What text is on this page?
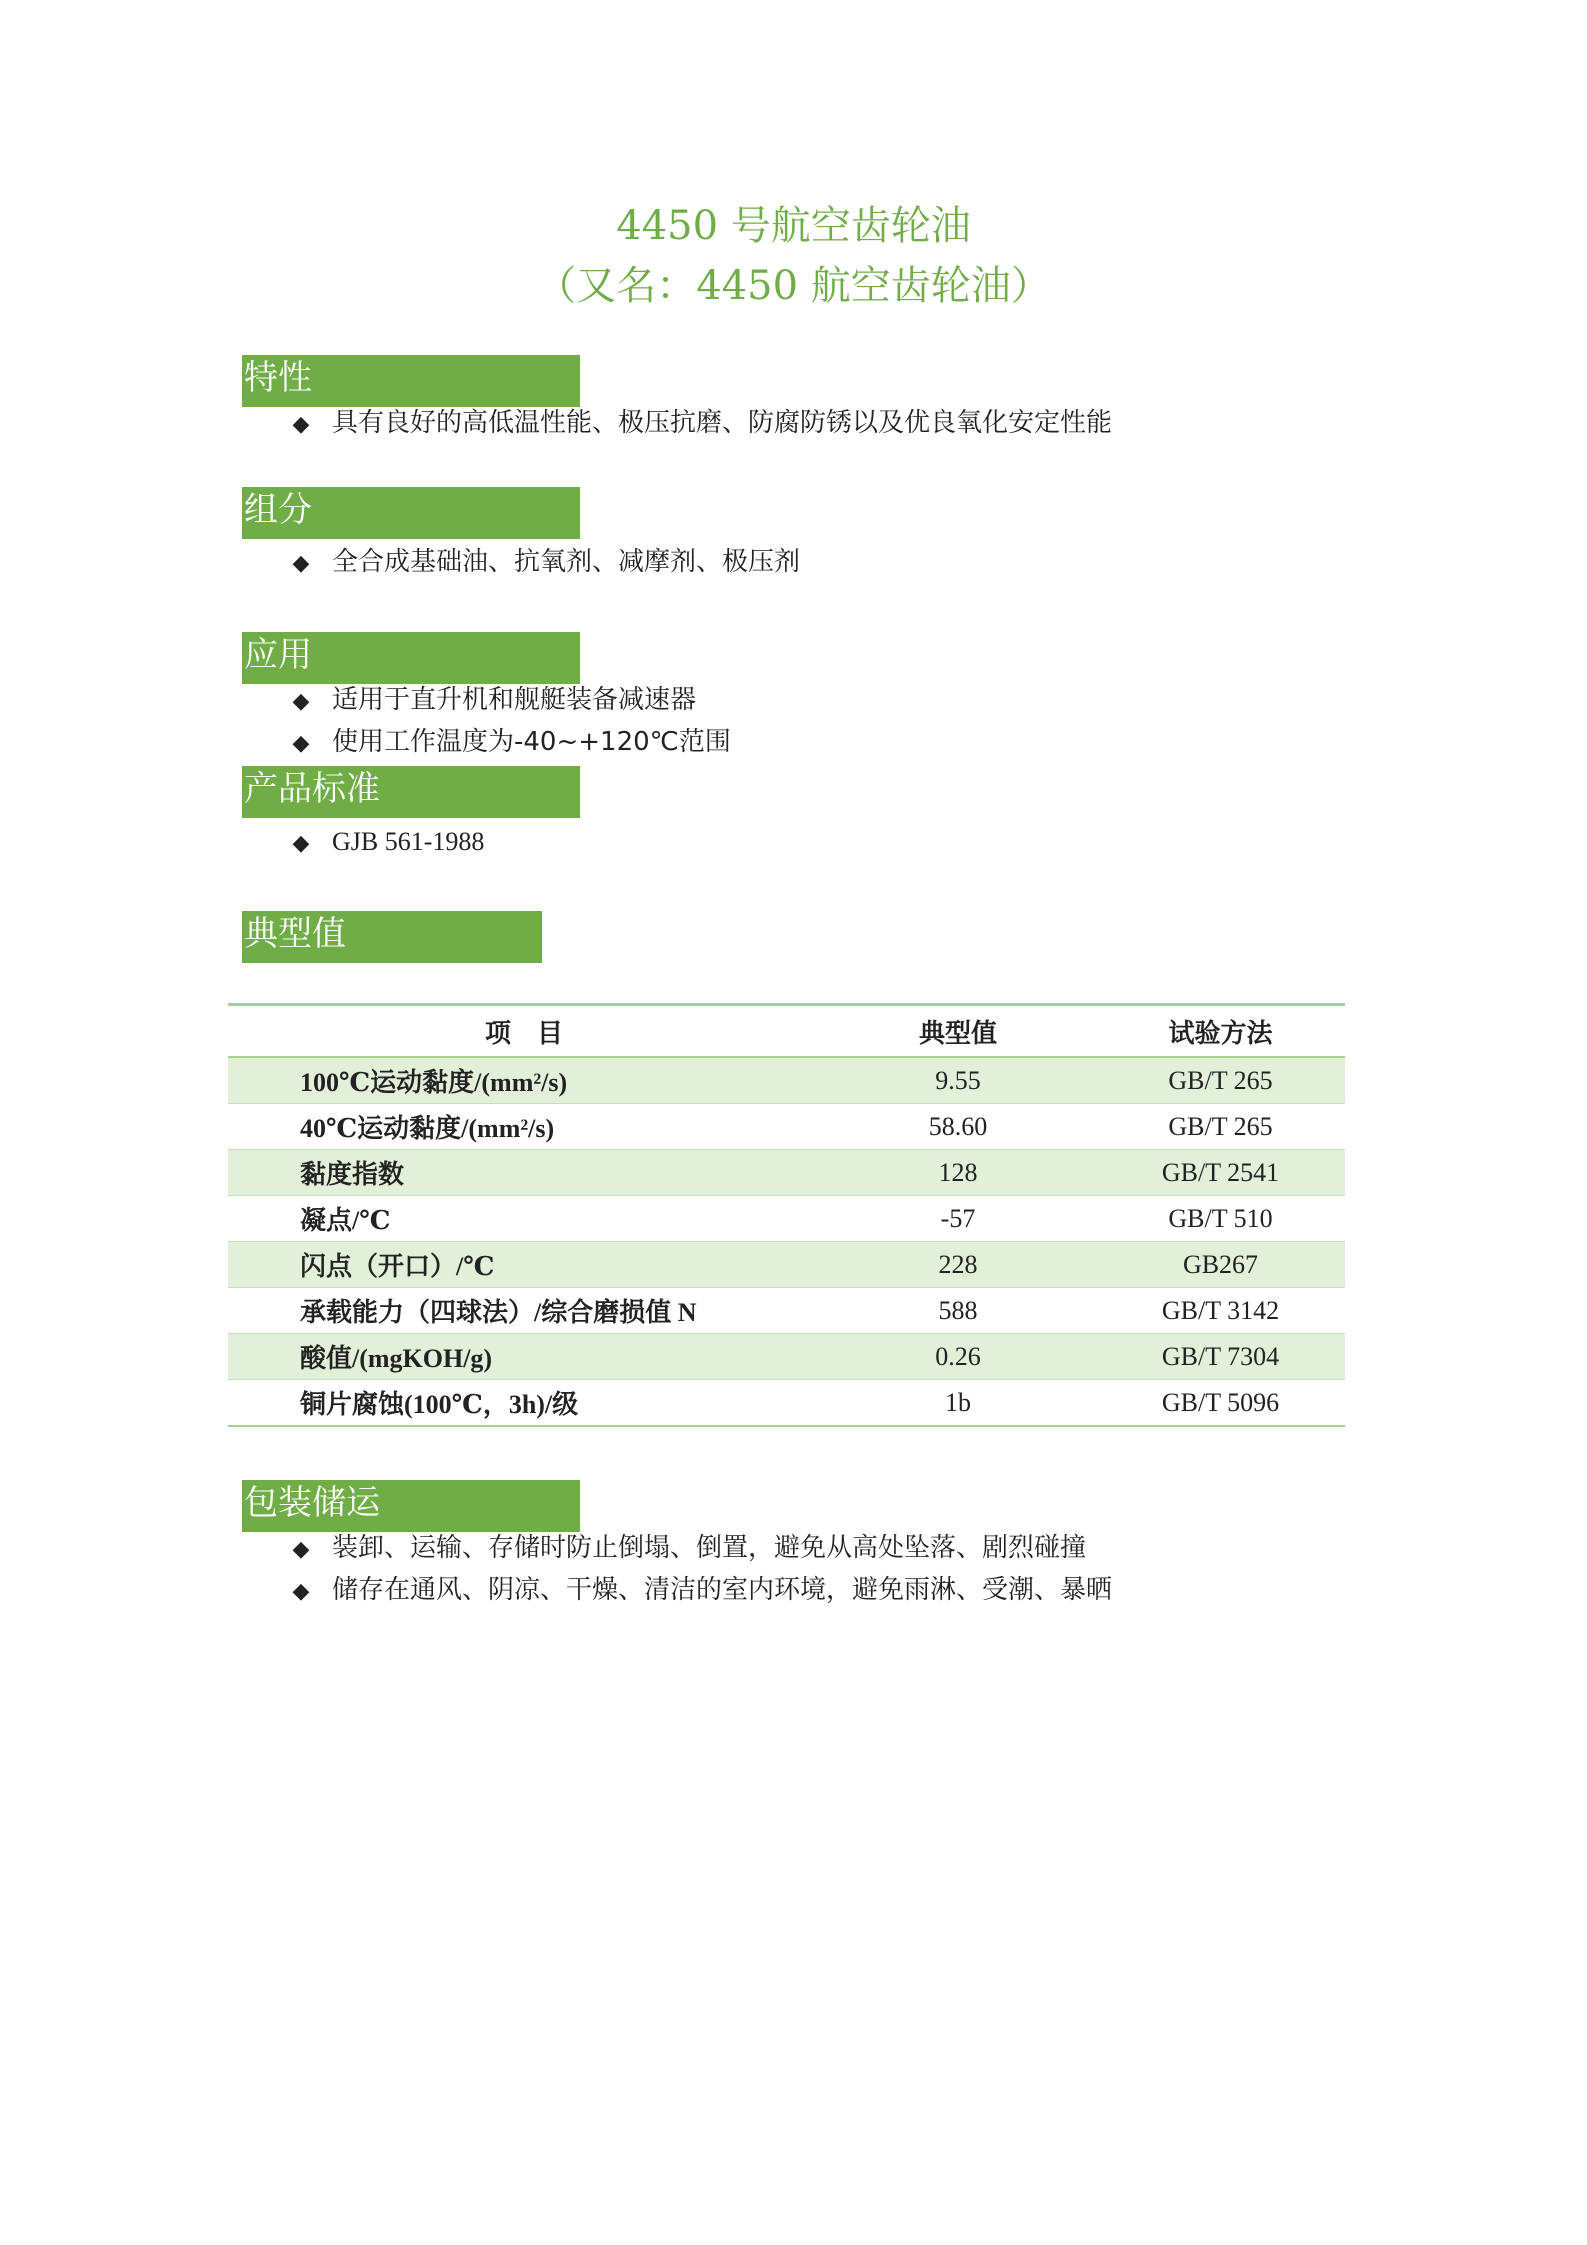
4450 号航空齿轮油
（又名：4450 航空齿轮油）
特性
◆ 具有良好的高低温性能、极压抗磨、防腐防锈以及优良氧化安定性能
组分
◆ 全合成基础油、抗氧剂、减摩剂、极压剂
应用
◆ 适用于直升机和舰艇装备减速器
◆ 使用工作温度为-40~+120℃范围
产品标准
◆ GJB 561-1988
典型值
项　目	典型值	试验方法
100℃运动黏度/(mm²/s)	9.55	GB/T 265
40℃运动黏度/(mm²/s)	58.60	GB/T 265
黏度指数	128	GB/T 2541
凝点/℃	-57	GB/T 510
闪点（开口）/℃	228	GB267
承载能力（四球法）/综合磨损值 N	588	GB/T 3142
酸值/(mgKOH/g)	0.26	GB/T 7304
铜片腐蚀(100℃，3h)/级	1b	GB/T 5096
包装储运
◆ 装卸、运输、存储时防止倒塌、倒置，避免从高处坠落、剧烈碰撞
◆ 储存在通风、阴凉、干燥、清洁的室内环境，避免雨淋、受潮、暴晒
